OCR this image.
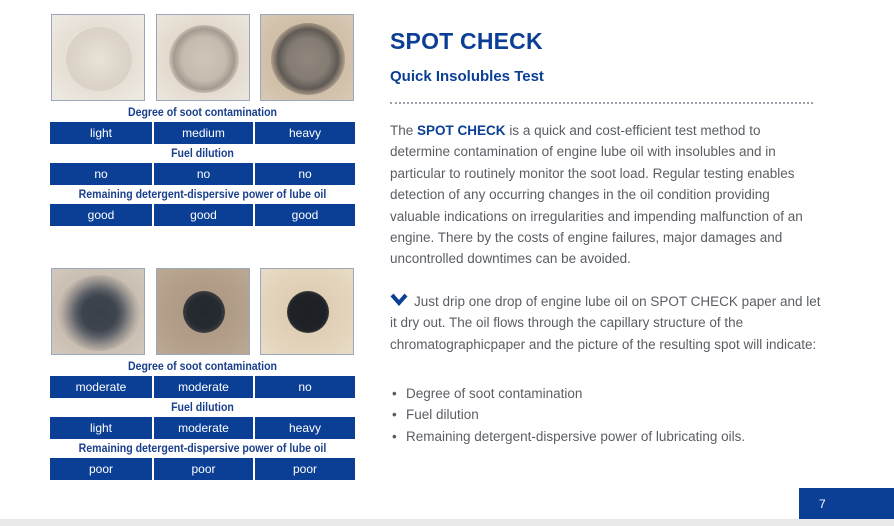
Degree of soot contamination
light	medium	heavy
Fuel dilution
no	no	no
Remaining detergent-dispersive power of lube oil
good	good	good
Degree of soot contamination
moderate	moderate	no
Fuel dilution
light	moderate	heavy
Remaining detergent-dispersive power of lube oil
poor	poor	poor
SPOT CHECK
Quick Insolubles Test
The SPOT CHECK is a quick and cost-efficient test method to determine contamination of engine lube oil with insolubles and in particular to routinely monitor the soot load. Regular testing enables detection of any occurring changes in the oil condition providing valuable indications on irregularities and impending malfunction of an engine. There by the costs of engine failures, major damages and uncontrolled downtimes can be avoided.
Just drip one drop of engine lube oil on SPOT CHECK paper and let it dry out. The oil flows through the capillary structure of the chromatographicpaper and the picture of the resulting spot will indicate:
• Degree of soot contamination
• Fuel dilution
• Remaining detergent-dispersive power of lubricating oils.
7
